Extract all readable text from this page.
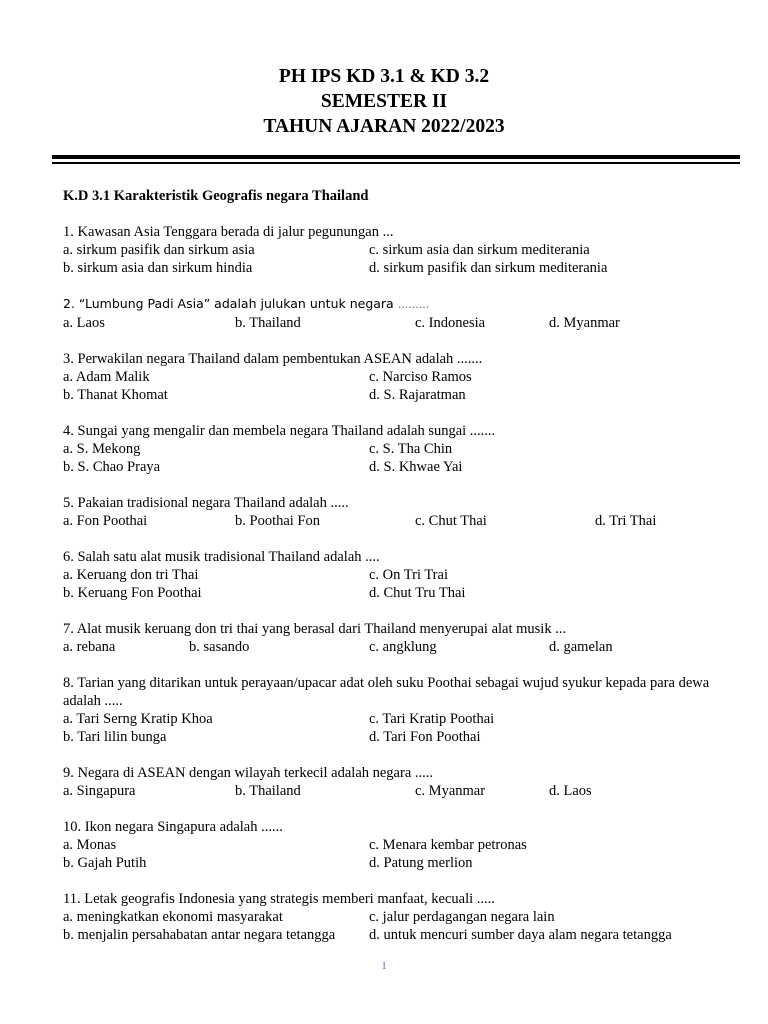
PH IPS KD 3.1 & KD 3.2
SEMESTER II
TAHUN AJARAN 2022/2023
K.D 3.1 Karakteristik Geografis negara Thailand
1. Kawasan Asia Tenggara berada di jalur pegunungan ...
a. sirkum pasifik dan sirkum asia	c. sirkum asia dan sirkum mediterania
b. sirkum asia dan sirkum hindia	d. sirkum pasifik dan sirkum mediterania
2. “Lumbung Padi Asia” adalah julukan untuk negara .........
a. Laos	b. Thailand	c. Indonesia	d. Myanmar
3. Perwakilan negara Thailand dalam pembentukan ASEAN adalah .......
a. Adam Malik	c. Narciso Ramos
b. Thanat Khomat	d. S. Rajaratman
4. Sungai yang mengalir dan membela negara Thailand adalah sungai .......
a. S. Mekong	c. S. Tha Chin
b. S. Chao Praya	d. S. Khwae Yai
5. Pakaian tradisional negara Thailand adalah .....
a. Fon Poothai	b. Poothai Fon	c. Chut Thai	d. Tri Thai
6. Salah satu alat musik tradisional Thailand adalah ....
a. Keruang don tri Thai	c. On Tri Trai
b. Keruang Fon Poothai	d. Chut Tru Thai
7. Alat musik keruang don tri thai yang berasal dari Thailand menyerupai alat musik ...
a. rebana	b. sasando	c. angklung	d. gamelan
8. Tarian yang ditarikan untuk perayaan/upacar adat oleh suku Poothai sebagai wujud syukur kepada para dewa adalah .....
a. Tari Serng Kratip Khoa	c. Tari Kratip Poothai
b. Tari lilin bunga	d. Tari Fon Poothai
9. Negara di ASEAN dengan wilayah terkecil adalah negara .....
a. Singapura	b. Thailand	c. Myanmar	d. Laos
10. Ikon negara Singapura adalah ......
a. Monas	c. Menara kembar petronas
b. Gajah Putih	d. Patung merlion
11. Letak geografis Indonesia yang strategis memberi manfaat, kecuali .....
a. meningkatkan ekonomi masyarakat	c. jalur perdagangan negara lain
b. menjalin persahabatan antar negara tetangga d. untuk mencuri sumber daya alam negara tetangga
1
